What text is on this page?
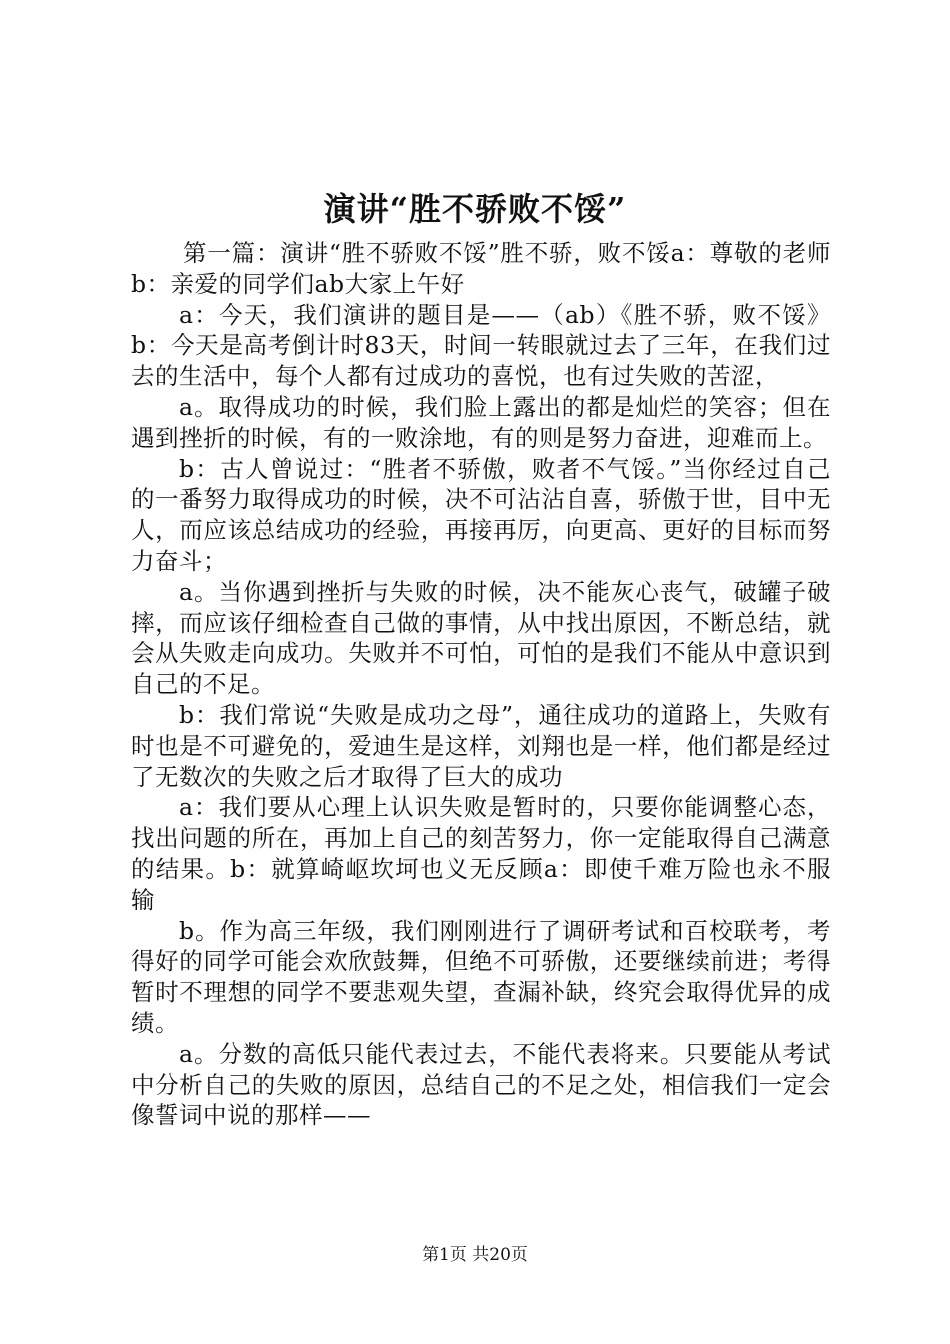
演讲“胜不骄败不馁”

第一篇：演讲“胜不骄败不馁”胜不骄，败不馁a：尊敬的老师b：亲爱的同学们ab大家上午好

a：今天，我们演讲的题目是——（ab）《胜不骄，败不馁》b：今天是高考倒计时83天，时间一转眼就过去了三年，在我们过去的生活中，每个人都有过成功的喜悦，也有过失败的苦涩，

a。取得成功的时候，我们脸上露出的都是灿烂的笑容；但在遇到挫折的时候，有的一败涂地，有的则是努力奋进，迎难而上。

b：古人曾说过：“胜者不骄傲，败者不气馁。”当你经过自己的一番努力取得成功的时候，决不可沾沾自喜，骄傲于世，目中无人，而应该总结成功的经验，再接再厉，向更高、更好的目标而努力奋斗；

a。当你遇到挫折与失败的时候，决不能灰心丧气，破罐子破摔，而应该仔细检查自己做的事情，从中找出原因，不断总结，就会从失败走向成功。失败并不可怕，可怕的是我们不能从中意识到自己的不足。

b：我们常说“失败是成功之母”，通往成功的道路上，失败有时也是不可避免的，爱迪生是这样，刘翔也是一样，他们都是经过了无数次的失败之后才取得了巨大的成功

a：我们要从心理上认识失败是暂时的，只要你能调整心态，找出问题的所在，再加上自己的刻苦努力，你一定能取得自己满意的结果。b：就算崎岖坎坷也义无反顾a：即使千难万险也永不服输

b。作为高三年级，我们刚刚进行了调研考试和百校联考，考得好的同学可能会欢欣鼓舞，但绝不可骄傲，还要继续前进；考得暂时不理想的同学不要悲观失望，查漏补缺，终究会取得优异的成绩。

a。分数的高低只能代表过去，不能代表将来。只要能从考试中分析自己的失败的原因，总结自己的不足之处，相信我们一定会像誓词中说的那样——

第1页 共20页
